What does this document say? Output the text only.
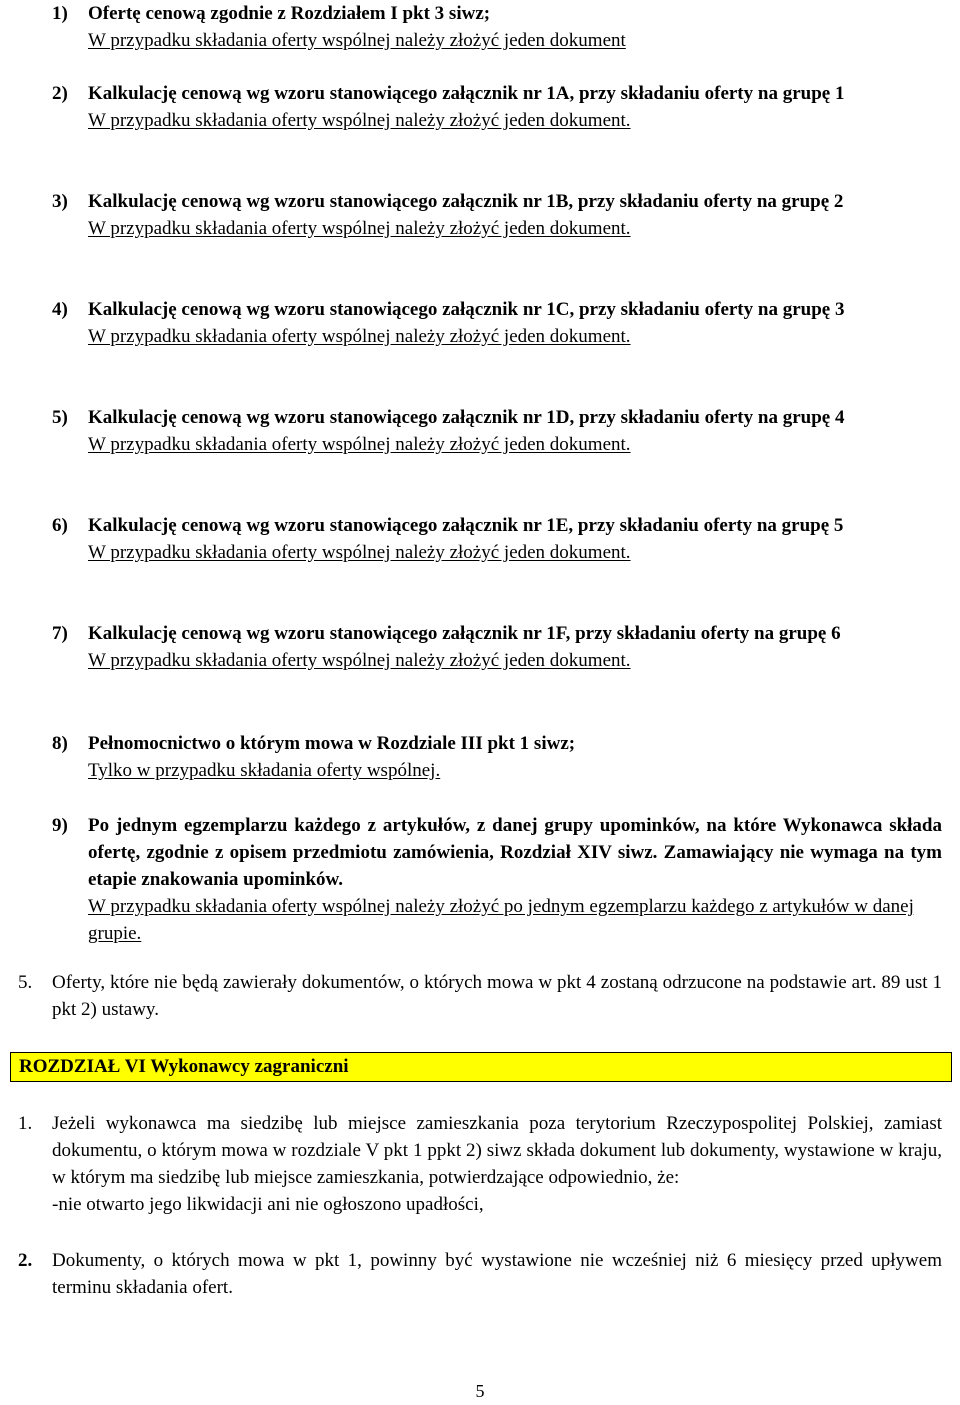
1) Ofertę cenową zgodnie z Rozdziałem I pkt 3 siwz;
W przypadku składania oferty wspólnej należy złożyć jeden dokument
2) Kalkulację cenową wg wzoru stanowiącego załącznik nr 1A, przy składaniu oferty na grupę 1
W przypadku składania oferty wspólnej należy złożyć jeden dokument.
3) Kalkulację cenową wg wzoru stanowiącego załącznik nr 1B, przy składaniu oferty na grupę 2
W przypadku składania oferty wspólnej należy złożyć jeden dokument.
4) Kalkulację cenową wg wzoru stanowiącego załącznik nr 1C, przy składaniu oferty na grupę 3
W przypadku składania oferty wspólnej należy złożyć jeden dokument.
5) Kalkulację cenową wg wzoru stanowiącego załącznik nr 1D, przy składaniu oferty na grupę 4
W przypadku składania oferty wspólnej należy złożyć jeden dokument.
6) Kalkulację cenową wg wzoru stanowiącego załącznik nr 1E, przy składaniu oferty na grupę 5
W przypadku składania oferty wspólnej należy złożyć jeden dokument.
7) Kalkulację cenową wg wzoru stanowiącego załącznik nr 1F, przy składaniu oferty na grupę 6
W przypadku składania oferty wspólnej należy złożyć jeden dokument.
8) Pełnomocnictwo o którym mowa w Rozdziale III pkt 1 siwz;
Tylko w przypadku składania oferty wspólnej.
9) Po jednym egzemplarzu każdego z artykułów, z danej grupy upominków, na które Wykonawca składa ofertę, zgodnie z opisem przedmiotu zamówienia, Rozdział XIV siwz. Zamawiający nie wymaga na tym etapie znakowania upominków.
W przypadku składania oferty wspólnej należy złożyć po jednym egzemplarzu każdego z artykułów w danej grupie.
5. Oferty, które nie będą zawierały dokumentów, o których mowa w pkt 4 zostaną odrzucone na podstawie art. 89 ust 1 pkt 2) ustawy.
ROZDZIAŁ VI Wykonawcy zagraniczni
1. Jeżeli wykonawca ma siedzibę lub miejsce zamieszkania poza terytorium Rzeczypospolitej Polskiej, zamiast dokumentu, o którym mowa w rozdziale V pkt 1 ppkt 2) siwz składa dokument lub dokumenty, wystawione w kraju, w którym ma siedzibę lub miejsce zamieszkania, potwierdzające odpowiednio, że:
-nie otwarto jego likwidacji ani nie ogłoszono upadłości,
2. Dokumenty, o których mowa w pkt 1, powinny być wystawione nie wcześniej niż 6 miesięcy przed upływem terminu składania ofert.
5
